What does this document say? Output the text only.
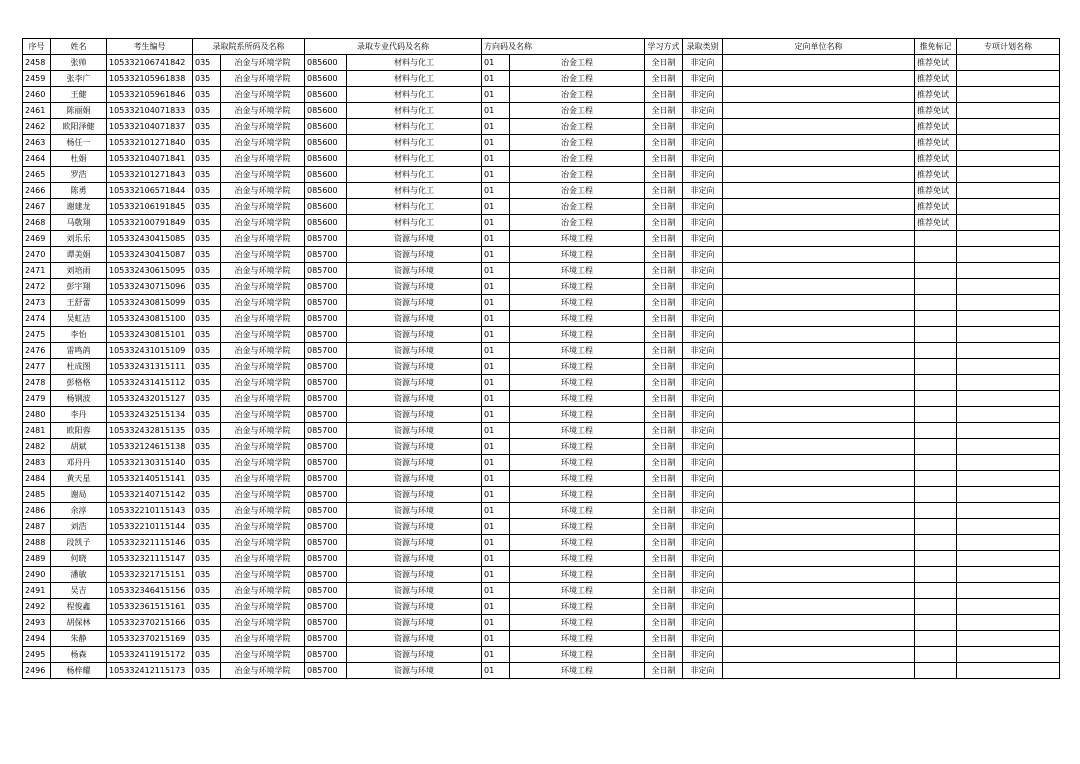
序号	姓名	考生编号	录取院系所码及名称		录取专业代码及名称		方向码及名称		学习方式	录取类别	定向单位名称	推免标记	专项计划名称
2458	张帅	105332106741842	035	冶金与环境学院	085600	材料与化工	01	冶金工程	全日制	非定向		推荐免试	
2459	张李广	105332105961838	035	冶金与环境学院	085600	材料与化工	01	冶金工程	全日制	非定向		推荐免试	
2460	王健	105332105961846	035	冶金与环境学院	085600	材料与化工	01	冶金工程	全日制	非定向		推荐免试	
2461	陈丽娟	105332104071833	035	冶金与环境学院	085600	材料与化工	01	冶金工程	全日制	非定向		推荐免试	
2462	欧阳泽健	105332104071837	035	冶金与环境学院	085600	材料与化工	01	冶金工程	全日制	非定向		推荐免试	
2463	杨任一	105332101271840	035	冶金与环境学院	085600	材料与化工	01	冶金工程	全日制	非定向		推荐免试	
2464	杜娟	105332104071841	035	冶金与环境学院	085600	材料与化工	01	冶金工程	全日制	非定向		推荐免试	
2465	罗浩	105332101271843	035	冶金与环境学院	085600	材料与化工	01	冶金工程	全日制	非定向		推荐免试	
2466	陈勇	105332106571844	035	冶金与环境学院	085600	材料与化工	01	冶金工程	全日制	非定向		推荐免试	
2467	谢建龙	105332106191845	035	冶金与环境学院	085600	材料与化工	01	冶金工程	全日制	非定向		推荐免试	
2468	马敬翔	105332100791849	035	冶金与环境学院	085600	材料与化工	01	冶金工程	全日制	非定向		推荐免试	
2469	刘乐乐	105332430415085	035	冶金与环境学院	085700	资源与环境	01	环境工程	全日制	非定向			
2470	谭美娟	105332430415087	035	冶金与环境学院	085700	资源与环境	01	环境工程	全日制	非定向			
2471	刘培雨	105332430615095	035	冶金与环境学院	085700	资源与环境	01	环境工程	全日制	非定向			
2472	彭宇翔	105332430715096	035	冶金与环境学院	085700	资源与环境	01	环境工程	全日制	非定向			
2473	王舒蕾	105332430815099	035	冶金与环境学院	085700	资源与环境	01	环境工程	全日制	非定向			
2474	吴虹洁	105332430815100	035	冶金与环境学院	085700	资源与环境	01	环境工程	全日制	非定向			
2475	李怡	105332430815101	035	冶金与环境学院	085700	资源与环境	01	环境工程	全日制	非定向			
2476	雷鸣鸽	105332431015109	035	冶金与环境学院	085700	资源与环境	01	环境工程	全日制	非定向			
2477	杜成图	105332431315111	035	冶金与环境学院	085700	资源与环境	01	环境工程	全日制	非定向			
2478	彭格格	105332431415112	035	冶金与环境学院	085700	资源与环境	01	环境工程	全日制	非定向			
2479	杨钢波	105332432015127	035	冶金与环境学院	085700	资源与环境	01	环境工程	全日制	非定向			
2480	李丹	105332432515134	035	冶金与环境学院	085700	资源与环境	01	环境工程	全日制	非定向			
2481	欧阳蓉	105332432815135	035	冶金与环境学院	085700	资源与环境	01	环境工程	全日制	非定向			
2482	胡斌	105332124615138	035	冶金与环境学院	085700	资源与环境	01	环境工程	全日制	非定向			
2483	邓丹丹	105332130315140	035	冶金与环境学院	085700	资源与环境	01	环境工程	全日制	非定向			
2484	黄天星	105332140515141	035	冶金与环境学院	085700	资源与环境	01	环境工程	全日制	非定向			
2485	谢局	105332140715142	035	冶金与环境学院	085700	资源与环境	01	环境工程	全日制	非定向			
2486	余淳	105332210115143	035	冶金与环境学院	085700	资源与环境	01	环境工程	全日制	非定向			
2487	刘浩	105332210115144	035	冶金与环境学院	085700	资源与环境	01	环境工程	全日制	非定向			
2488	段凯子	105332321115146	035	冶金与环境学院	085700	资源与环境	01	环境工程	全日制	非定向			
2489	何晓	105332321115147	035	冶金与环境学院	085700	资源与环境	01	环境工程	全日制	非定向			
2490	潘敏	105332321715151	035	冶金与环境学院	085700	资源与环境	01	环境工程	全日制	非定向			
2491	吴吉	105332346415156	035	冶金与环境学院	085700	资源与环境	01	环境工程	全日制	非定向			
2492	程俊鑫	105332361515161	035	冶金与环境学院	085700	资源与环境	01	环境工程	全日制	非定向			
2493	胡保林	105332370215166	035	冶金与环境学院	085700	资源与环境	01	环境工程	全日制	非定向			
2494	朱静	105332370215169	035	冶金与环境学院	085700	资源与环境	01	环境工程	全日制	非定向			
2495	杨森	105332411915172	035	冶金与环境学院	085700	资源与环境	01	环境工程	全日制	非定向			
2496	杨梓耀	105332412115173	035	冶金与环境学院	085700	资源与环境	01	环境工程	全日制	非定向			
